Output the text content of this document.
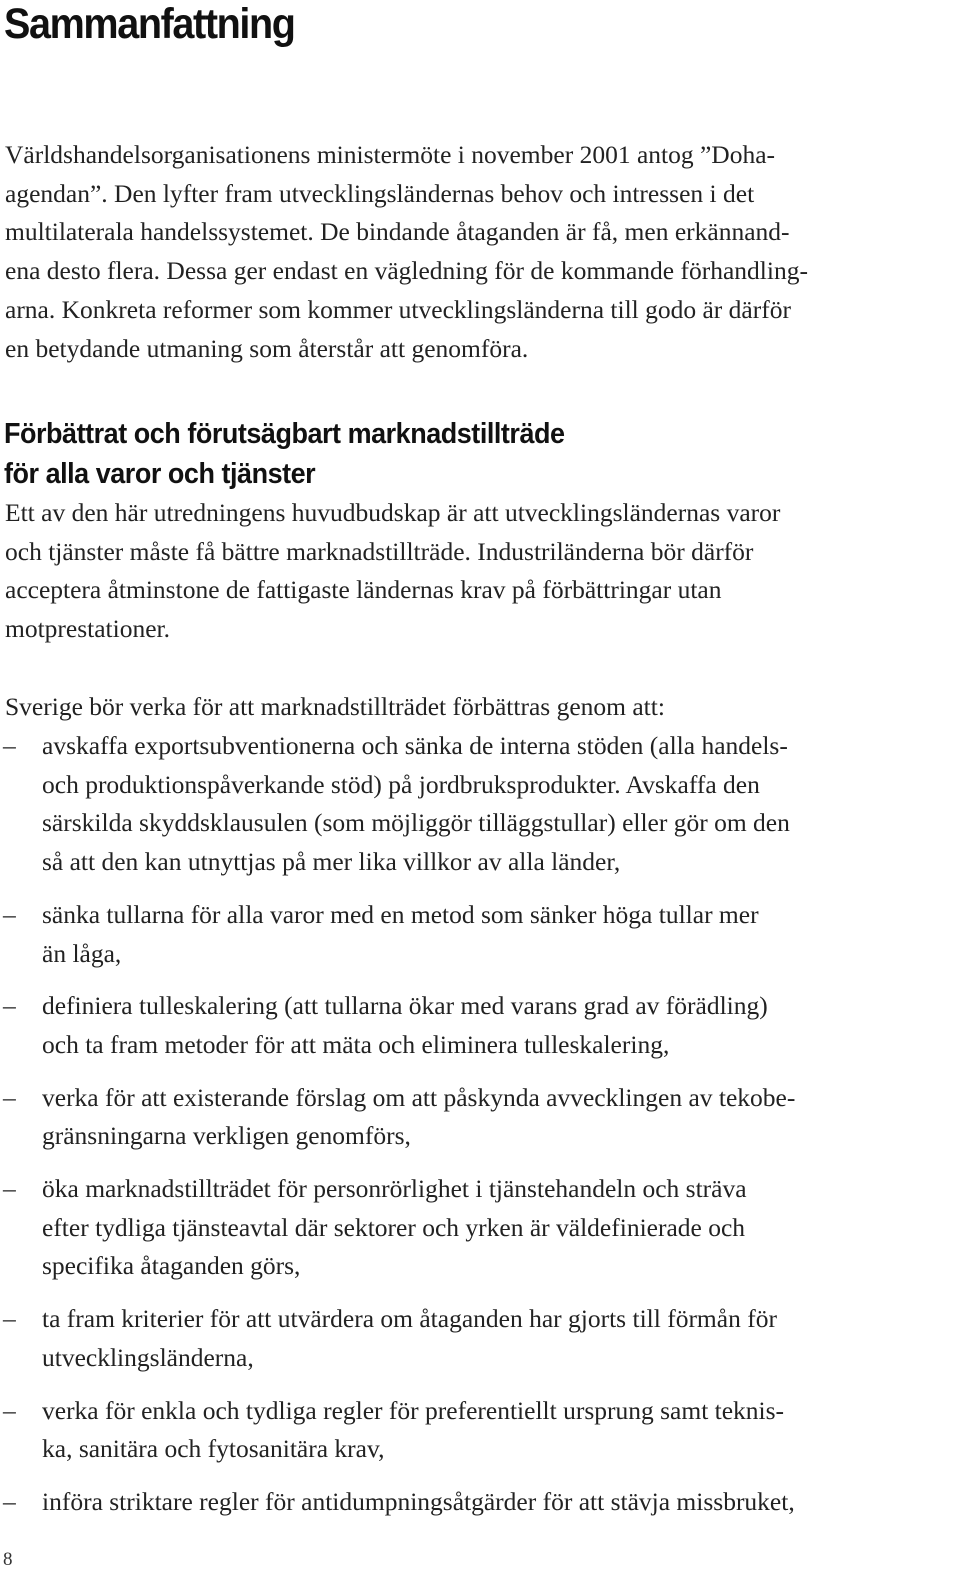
Sammanfattning

Världshandelsorganisationens ministermöte i november 2001 antog ”Doha-
agendan”. Den lyfter fram utvecklingsländernas behov och intressen i det
multilaterala handelssystemet. De bindande åtaganden är få, men erkännand-
ena desto flera. Dessa ger endast en vägledning för de kommande förhandling-
arna. Konkreta reformer som kommer utvecklingsländerna till godo är därför
en betydande utmaning som återstår att genomföra.

Förbättrat och förutsägbart marknadstillträde
för alla varor och tjänster

Ett av den här utredningens huvudbudskap är att utvecklingsländernas varor
och tjänster måste få bättre marknadstillträde. Industriländerna bör därför
acceptera åtminstone de fattigaste ländernas krav på förbättringar utan
motprestationer.

Sverige bör verka för att marknadstillträdet förbättras genom att:

– avskaffa exportsubventionerna och sänka de interna stöden (alla handels-
och produktionspåverkande stöd) på jordbruksprodukter. Avskaffa den
särskilda skyddsklausulen (som möjliggör tilläggstullar) eller gör om den
så att den kan utnyttjas på mer lika villkor av alla länder,

– sänka tullarna för alla varor med en metod som sänker höga tullar mer
än låga,

– definiera tulleskalering (att tullarna ökar med varans grad av förädling)
och ta fram metoder för att mäta och eliminera tulleskalering,

– verka för att existerande förslag om att påskynda avvecklingen av tekobe-
gränsningarna verkligen genomförs,

– öka marknadstillträdet för personrörlighet i tjänstehandeln och sträva
efter tydliga tjänsteavtal där sektorer och yrken är väldefinierade och
specifika åtaganden görs,

– ta fram kriterier för att utvärdera om åtaganden har gjorts till förmån för
utvecklingsländerna,

– verka för enkla och tydliga regler för preferentiellt ursprung samt teknis-
ka, sanitära och fytosanitära krav,

– införa striktare regler för antidumpningsåtgärder för att stävja missbruket,

8
